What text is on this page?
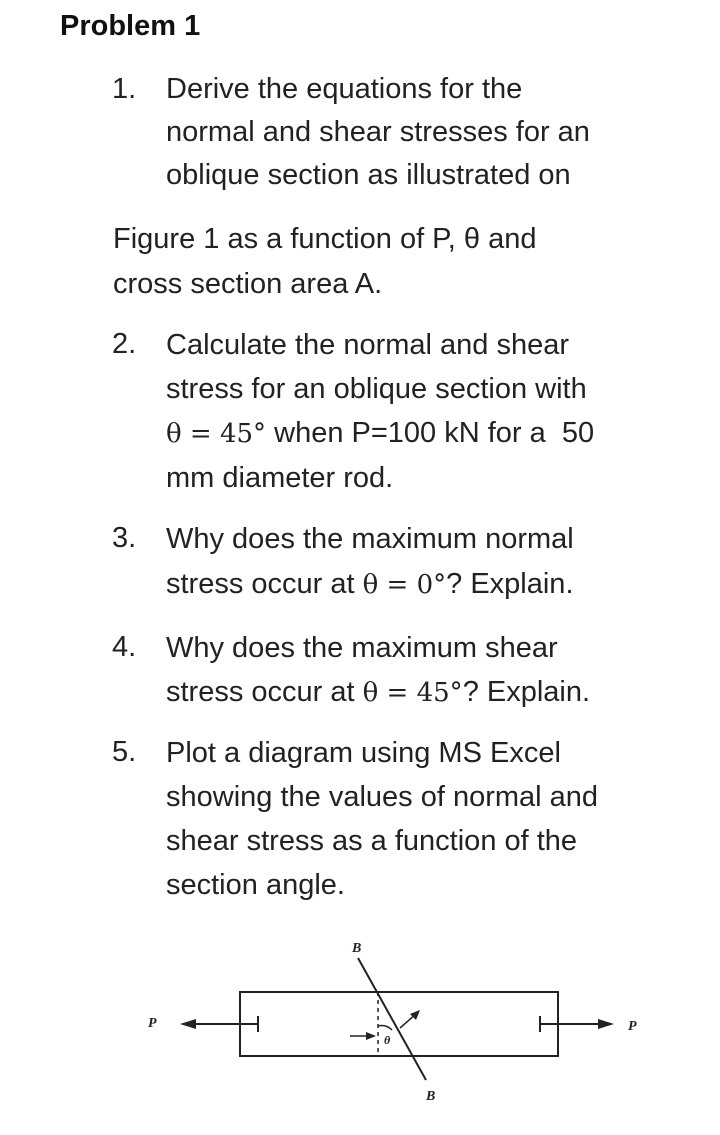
Problem 1
1. Derive the equations for the
normal and shear stresses for an
oblique section as illustrated on
Figure 1 as a function of P, θ and
cross section area A.
2. Calculate the normal and shear
stress for an oblique section with
θ = 45° when P=100 kN for a  50
mm diameter rod.
3. Why does the maximum normal
stress occur at θ = 0°? Explain.
4. Why does the maximum shear
stress occur at θ = 45°? Explain.
5. Plot a diagram using MS Excel
showing the values of normal and
shear stress as a function of the
section angle.
B
B
P	P
θ
